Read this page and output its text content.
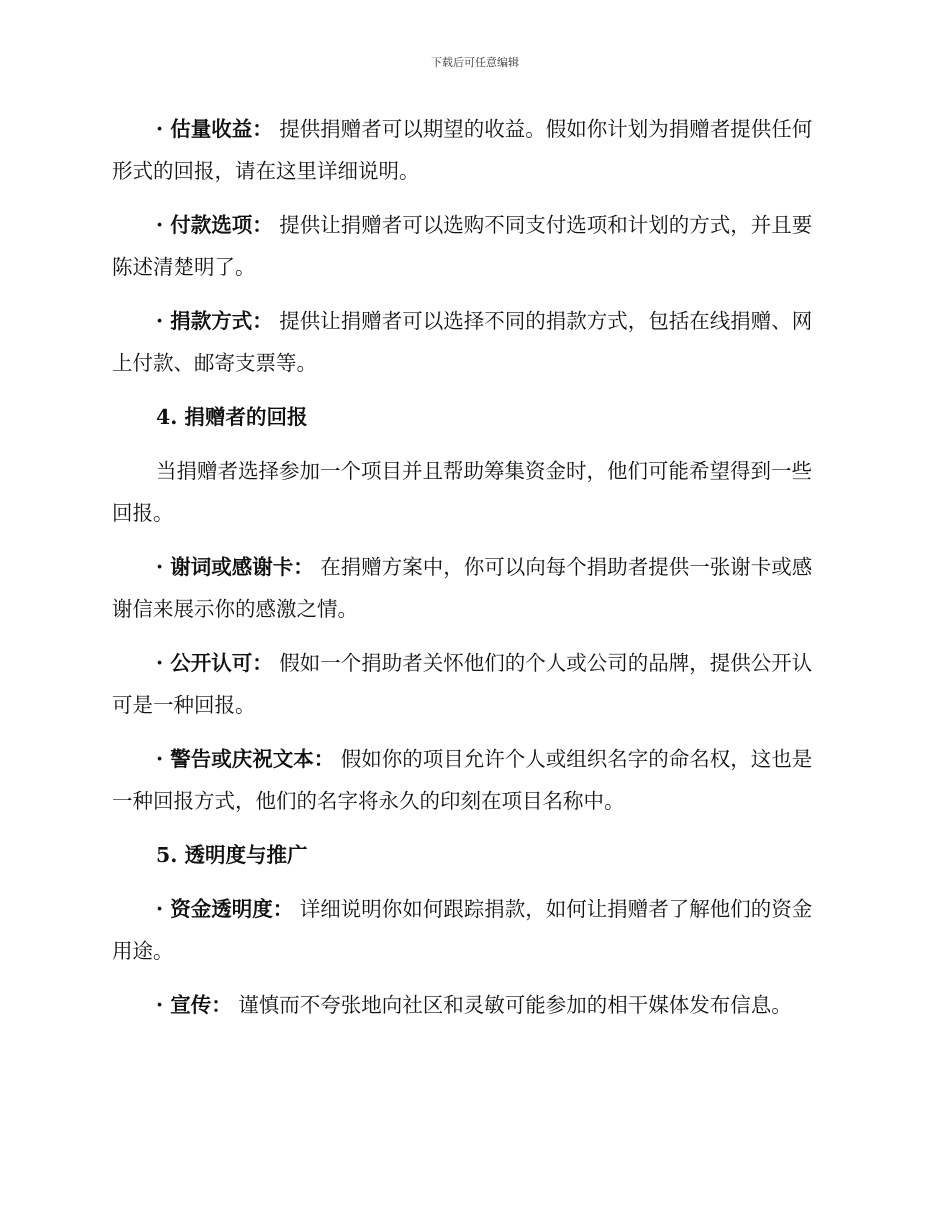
下载后可任意编辑

· 估量收益： 提供捐赠者可以期望的收益。假如你计划为捐赠者提供任何形式的回报，请在这里详细说明。

· 付款选项： 提供让捐赠者可以选购不同支付选项和计划的方式，并且要陈述清楚明了。

· 捐款方式： 提供让捐赠者可以选择不同的捐款方式，包括在线捐赠、网上付款、邮寄支票等。

4. 捐赠者的回报

当捐赠者选择参加一个项目并且帮助筹集资金时，他们可能希望得到一些回报。

· 谢词或感谢卡： 在捐赠方案中，你可以向每个捐助者提供一张谢卡或感谢信来展示你的感激之情。

· 公开认可： 假如一个捐助者关怀他们的个人或公司的品牌，提供公开认可是一种回报。

· 警告或庆祝文本： 假如你的项目允许个人或组织名字的命名权，这也是一种回报方式，他们的名字将永久的印刻在项目名称中。

5. 透明度与推广

· 资金透明度： 详细说明你如何跟踪捐款，如何让捐赠者了解他们的资金用途。

· 宣传： 谨慎而不夸张地向社区和灵敏可能参加的相干媒体发布信息。
